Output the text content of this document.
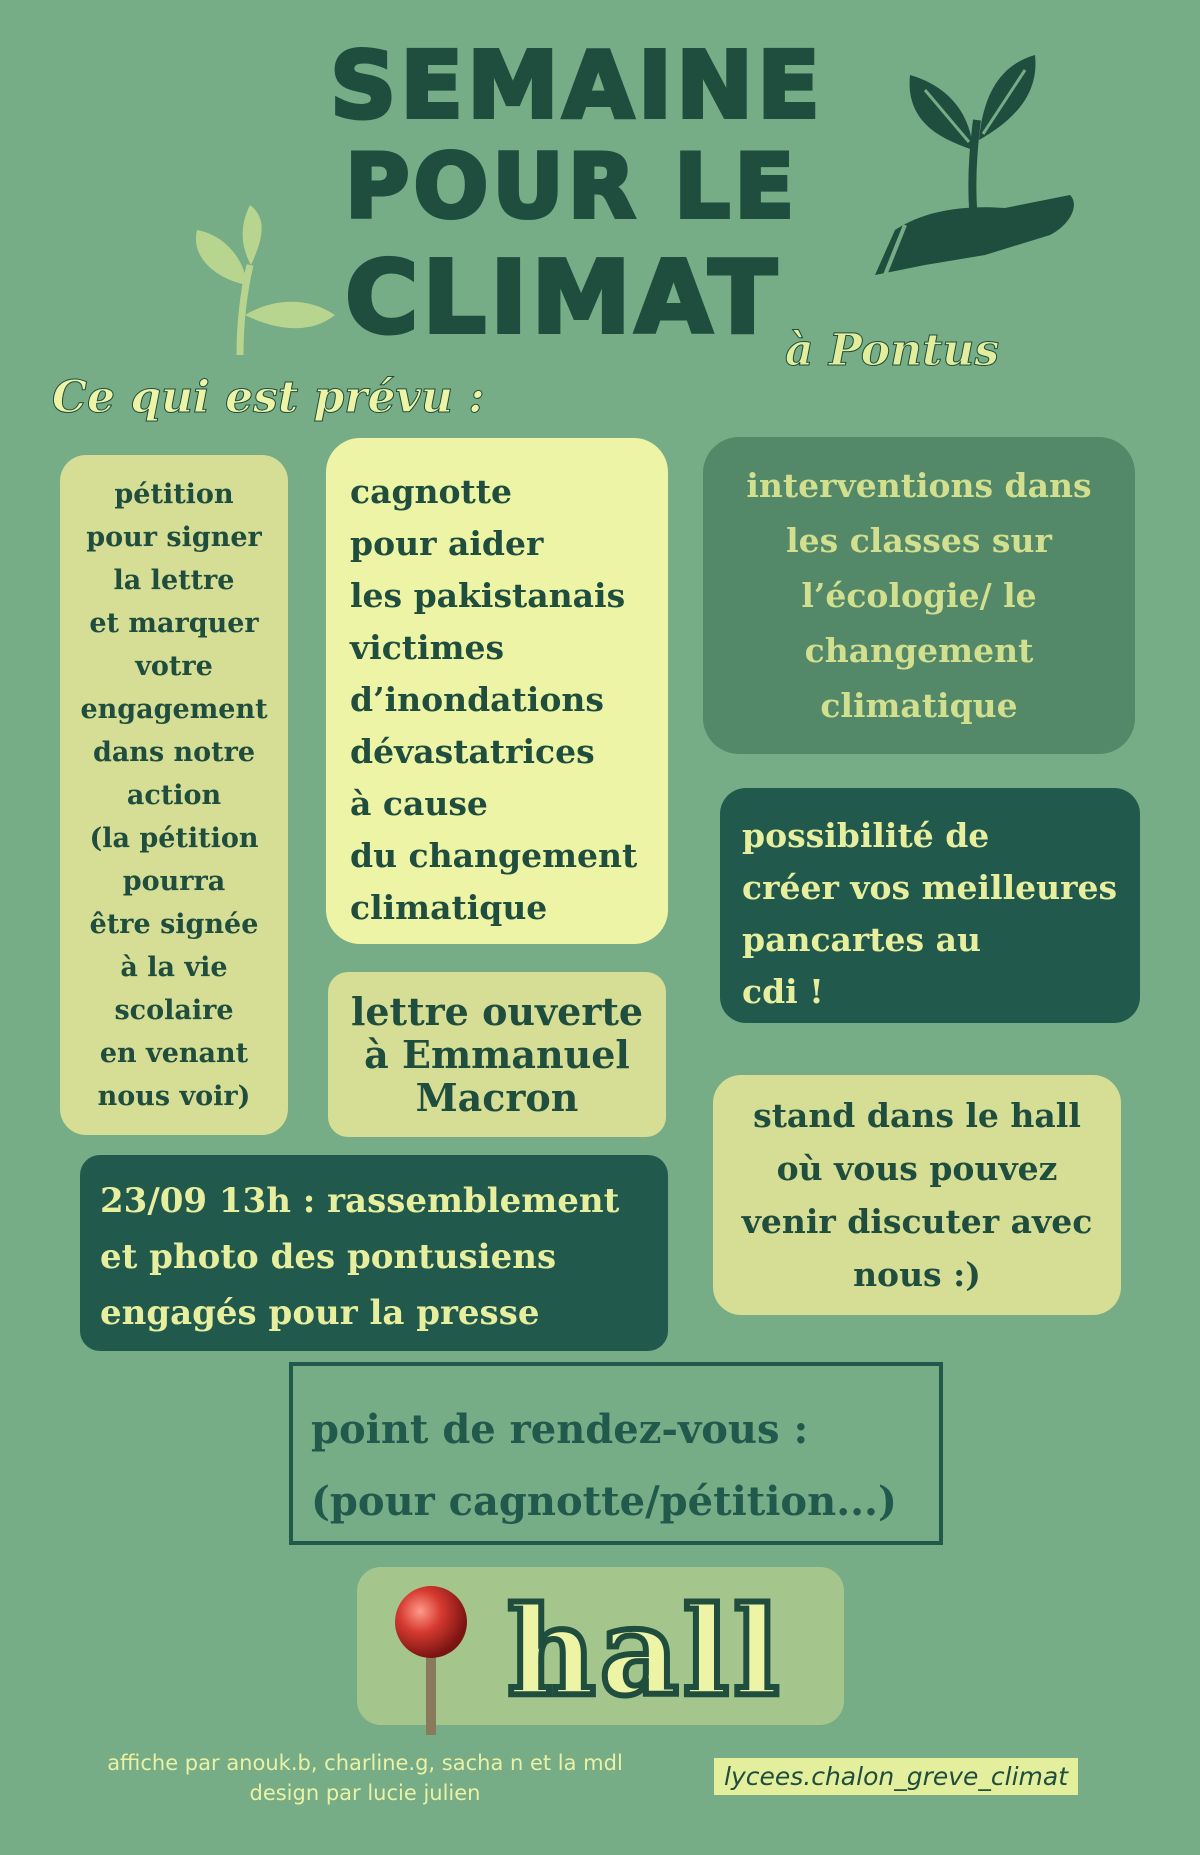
SEMAINE
POUR LE
CLIMAT à Pontus
Ce qui est prévu :
pétition
pour signer
la lettre
et marquer
votre
engagement
dans notre
action
(la pétition
pourra
être signée
à la vie
scolaire
en venant
nous voir)
cagnotte
pour aider
les pakistanais
victimes
d’inondations
dévastatrices
à cause
du changement
climatique
interventions dans
les classes sur
l’écologie/ le
changement
climatique
possibilité de
créer vos meilleures
pancartes au
cdi !
lettre ouverte
à Emmanuel
Macron	stand dans le hall
où vous pouvez
venir discuter avec
nous :)
23/09 13h : rassemblement
et photo des pontusiens
engagés pour la presse
point de rendez-vous :
(pour cagnotte/pétition...)
hall
affiche par anouk.b, charline.g, sacha n et la mdl
design par lucie julien
lycees.chalon_greve_climat
